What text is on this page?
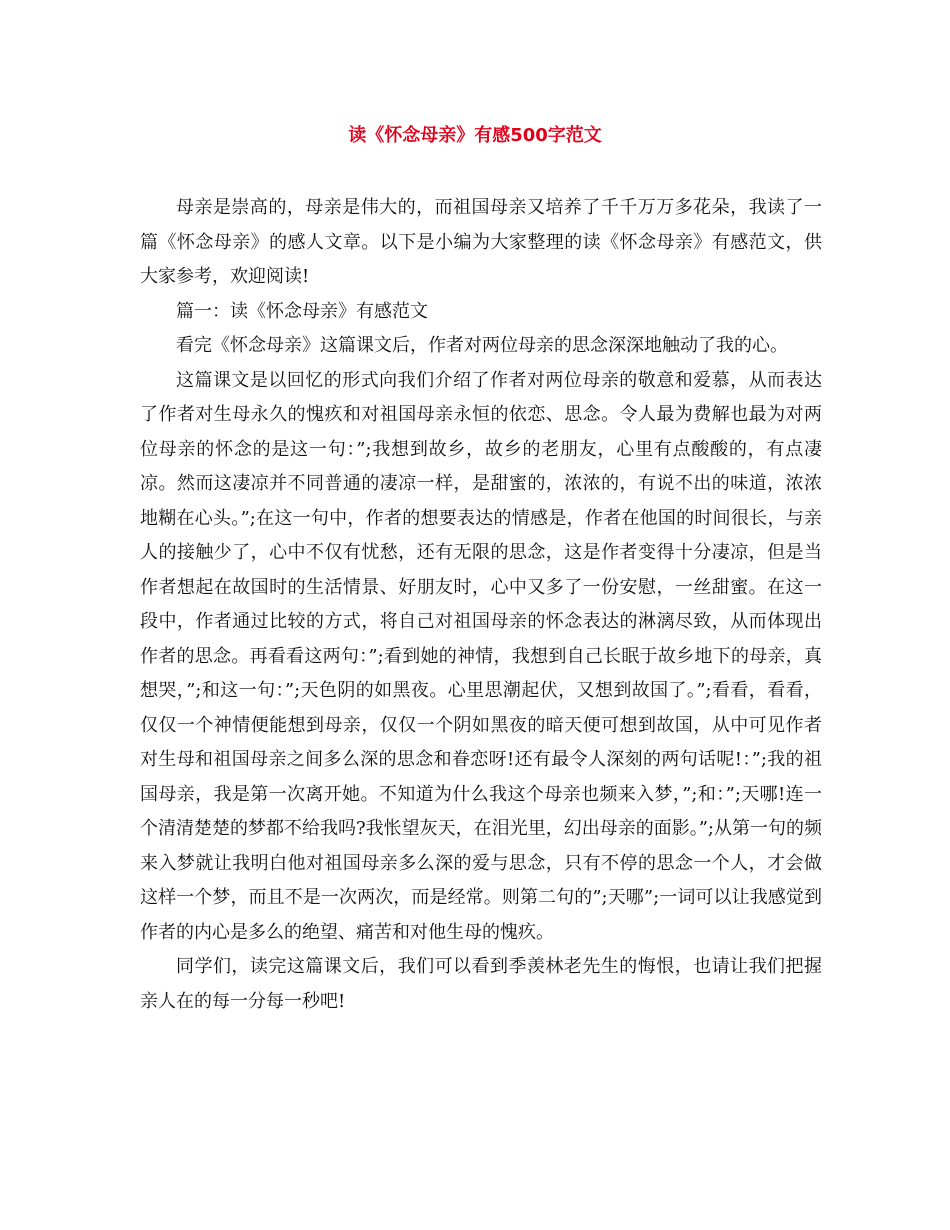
读《怀念母亲》有感500字范文

母亲是崇高的，母亲是伟大的，而祖国母亲又培养了千千万万多花朵，我读了一篇《怀念母亲》的感人文章。以下是小编为大家整理的读《怀念母亲》有感范文，供大家参考，欢迎阅读!

篇一：读《怀念母亲》有感范文

看完《怀念母亲》这篇课文后，作者对两位母亲的思念深深地触动了我的心。

这篇课文是以回忆的形式向我们介绍了作者对两位母亲的敬意和爱慕，从而表达了作者对生母永久的愧疚和对祖国母亲永恒的依恋、思念。令人最为费解也最为对两位母亲的怀念的是这一句：”;我想到故乡，故乡的老朋友，心里有点酸酸的，有点凄凉。然而这凄凉并不同普通的凄凉一样，是甜蜜的，浓浓的，有说不出的味道，浓浓地糊在心头。”;在这一句中，作者的想要表达的情感是，作者在他国的时间很长，与亲人的接触少了，心中不仅有忧愁，还有无限的思念，这是作者变得十分凄凉，但是当作者想起在故国时的生活情景、好朋友时，心中又多了一份安慰，一丝甜蜜。在这一段中，作者通过比较的方式，将自己对祖国母亲的怀念表达的淋漓尽致，从而体现出作者的思念。再看看这两句：”;看到她的神情，我想到自己长眠于故乡地下的母亲，真想哭，”;和这一句：”;天色阴的如黑夜。心里思潮起伏，又想到故国了。”;看看，看看，仅仅一个神情便能想到母亲，仅仅一个阴如黑夜的暗天便可想到故国，从中可见作者对生母和祖国母亲之间多么深的思念和眷恋呀!还有最令人深刻的两句话呢!：”;我的祖国母亲，我是第一次离开她。不知道为什么我这个母亲也频来入梦，”;和：”;天哪!连一个清清楚楚的梦都不给我吗?我怅望灰天，在泪光里，幻出母亲的面影。”;从第一句的频来入梦就让我明白他对祖国母亲多么深的爱与思念，只有不停的思念一个人，才会做这样一个梦，而且不是一次两次，而是经常。则第二句的”;天哪”;一词可以让我感觉到作者的内心是多么的绝望、痛苦和对他生母的愧疚。

同学们，读完这篇课文后，我们可以看到季羡林老先生的悔恨，也请让我们把握亲人在的每一分每一秒吧!
